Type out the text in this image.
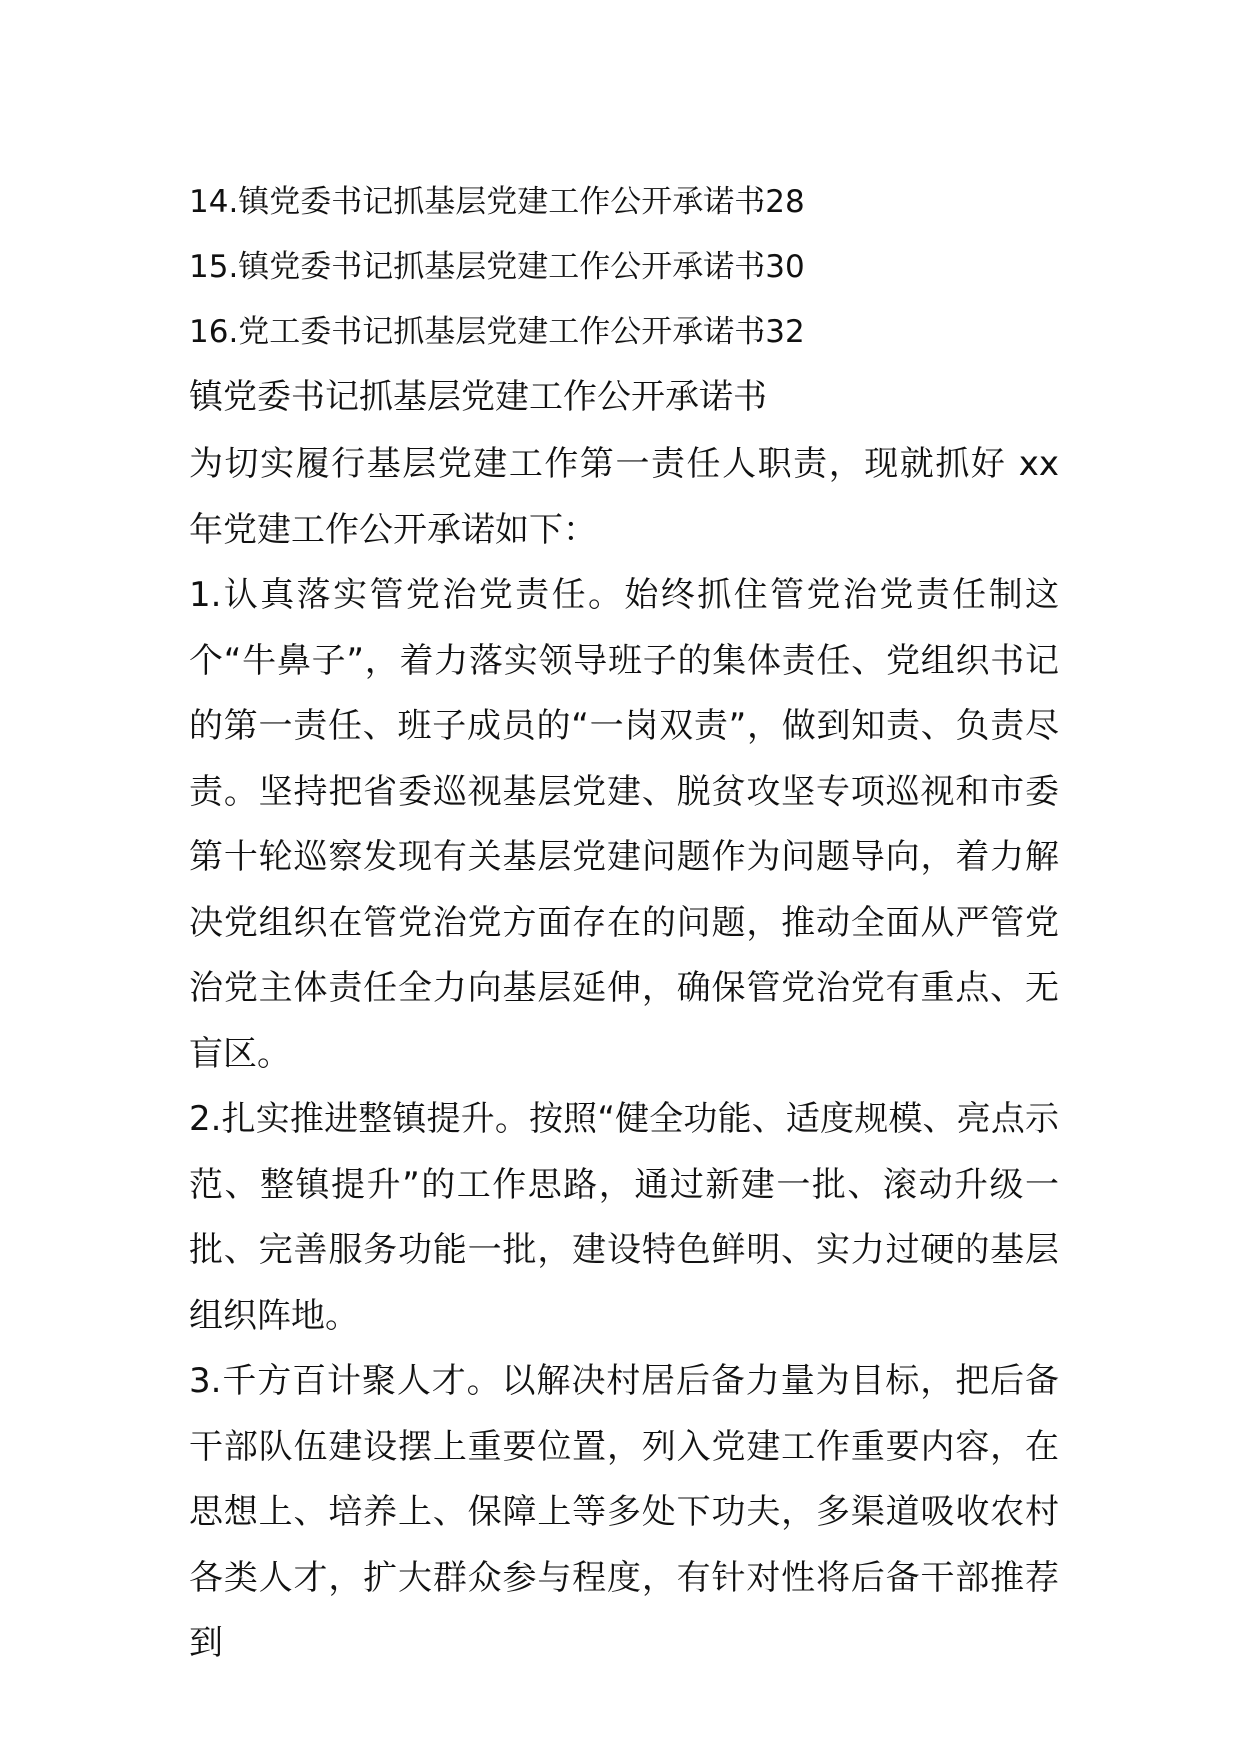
14.镇党委书记抓基层党建工作公开承诺书28
15.镇党委书记抓基层党建工作公开承诺书30
16.党工委书记抓基层党建工作公开承诺书32
镇党委书记抓基层党建工作公开承诺书

为切实履行基层党建工作第一责任人职责，现就抓好 xx 年党建工作公开承诺如下：

1.认真落实管党治党责任。始终抓住管党治党责任制这个“牛鼻子”，着力落实领导班子的集体责任、党组织书记的第一责任、班子成员的“一岗双责”，做到知责、负责尽责。坚持把省委巡视基层党建、脱贫攻坚专项巡视和市委第十轮巡察发现有关基层党建问题作为问题导向，着力解决党组织在管党治党方面存在的问题，推动全面从严管党治党主体责任全力向基层延伸，确保管党治党有重点、无盲区。

2.扎实推进整镇提升。按照“健全功能、适度规模、亮点示范、整镇提升”的工作思路，通过新建一批、滚动升级一批、完善服务功能一批，建设特色鲜明、实力过硬的基层组织阵地。

3.千方百计聚人才。以解决村居后备力量为目标，把后备干部队伍建设摆上重要位置，列入党建工作重要内容，在思想上、培养上、保障上等多处下功夫，多渠道吸收农村各类人才，扩大群众参与程度，有针对性将后备干部推荐到
